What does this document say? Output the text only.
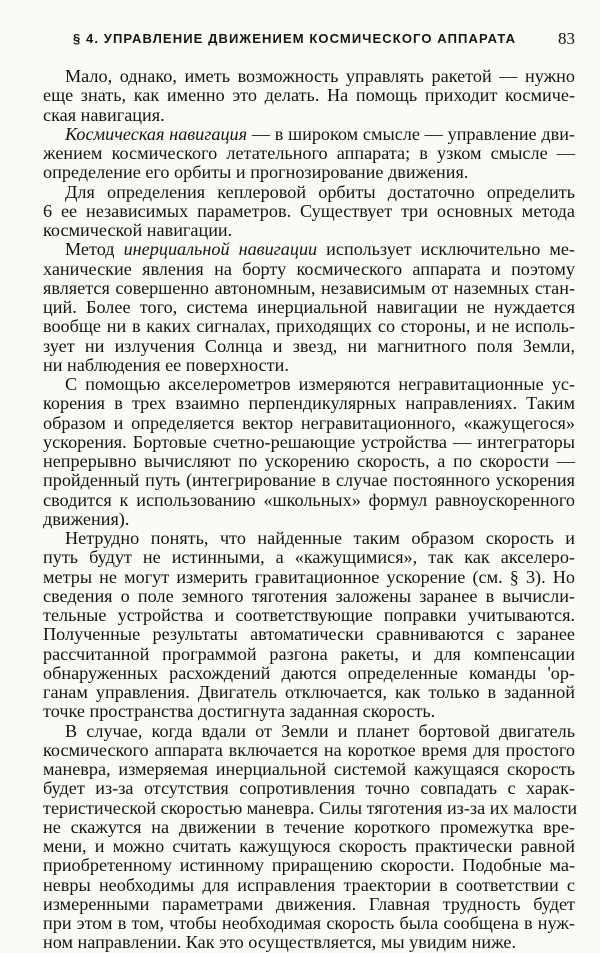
§ 4. УПРАВЛЕНИЕ ДВИЖЕНИЕМ КОСМИЧЕСКОГО АППАРАТА 83

Мало, однако, иметь возможность управлять ракетой — нужно
еще знать, как именно это делать. На помощь приходит космиче-
ская навигация.

Космическая навигация — в широком смысле — управление дви-
жением космического летательного аппарата; в узком смысле —
определение его орбиты и прогнозирование движения.

Для определения кеплеровой орбиты достаточно определить
6 ее независимых параметров. Существует три основных метода
космической навигации.

Метод инерциальной навигации использует исключительно ме-
ханические явления на борту космического аппарата и поэтому
является совершенно автономным, независимым от наземных стан-
ций. Более того, система инерциальной навигации не нуждается
вообще ни в каких сигналах, приходящих со стороны, и не исполь-
зует ни излучения Солнца и звезд, ни магнитного поля Земли,
ни наблюдения ее поверхности.

С помощью акселерометров измеряются негравитационные ус-
корения в трех взаимно перпендикулярных направлениях. Таким
образом и определяется вектор негравитационного, «кажущегося»
ускорения. Бортовые счетно-решающие устройства — интеграторы
непрерывно вычисляют по ускорению скорость, а по скорости —
пройденный путь (интегрирование в случае постоянного ускорения
сводится к использованию «школьных» формул равноускоренного
движения).

Нетрудно понять, что найденные таким образом скорость и
путь будут не истинными, а «кажущимися», так как акселеро-
метры не могут измерить гравитационное ускорение (см. § 3). Но
сведения о поле земного тяготения заложены заранее в вычисли-
тельные устройства и соответствующие поправки учитываются.
Полученные результаты автоматически сравниваются с заранее
рассчитанной программой разгона ракеты, и для компенсации
обнаруженных расхождений даются определенные команды 'ор-
ганам управления. Двигатель отключается, как только в заданной
точке пространства достигнута заданная скорость.

В случае, когда вдали от Земли и планет бортовой двигатель
космического аппарата включается на короткое время для простого
маневра, измеряемая инерциальной системой кажущаяся скорость
будет из-за отсутствия сопротивления точно совпадать с харак-
теристической скоростью маневра. Силы тяготения из-за их малости
не скажутся на движении в течение короткого промежутка вре-
мени, и можно считать кажущуюся скорость практически равной
приобретенному истинному приращению скорости. Подобные ма-
невры необходимы для исправления траектории в соответствии с
измеренными параметрами движения. Главная трудность будет
при этом в том, чтобы необходимая скорость была сообщена в нуж-
ном направлении. Как это осуществляется, мы увидим ниже.
